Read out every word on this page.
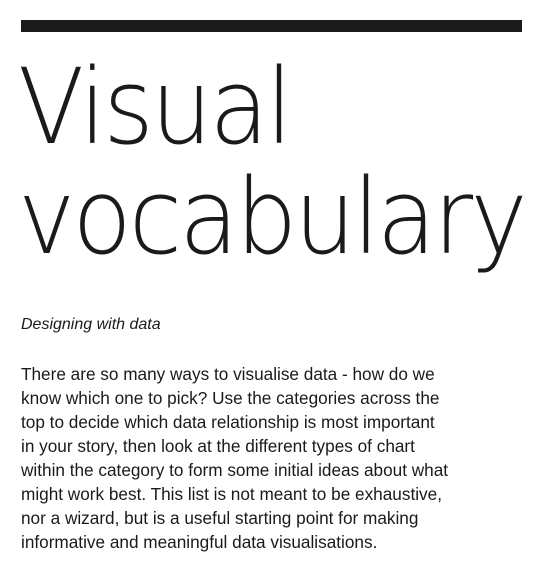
Visual
vocabulary

Designing with data

There are so many ways to visualise data - how do we
know which one to pick? Use the categories across the
top to decide which data relationship is most important
in your story, then look at the different types of chart
within the category to form some initial ideas about what
might work best. This list is not meant to be exhaustive,
nor a wizard, but is a useful starting point for making
informative and meaningful data visualisations.
